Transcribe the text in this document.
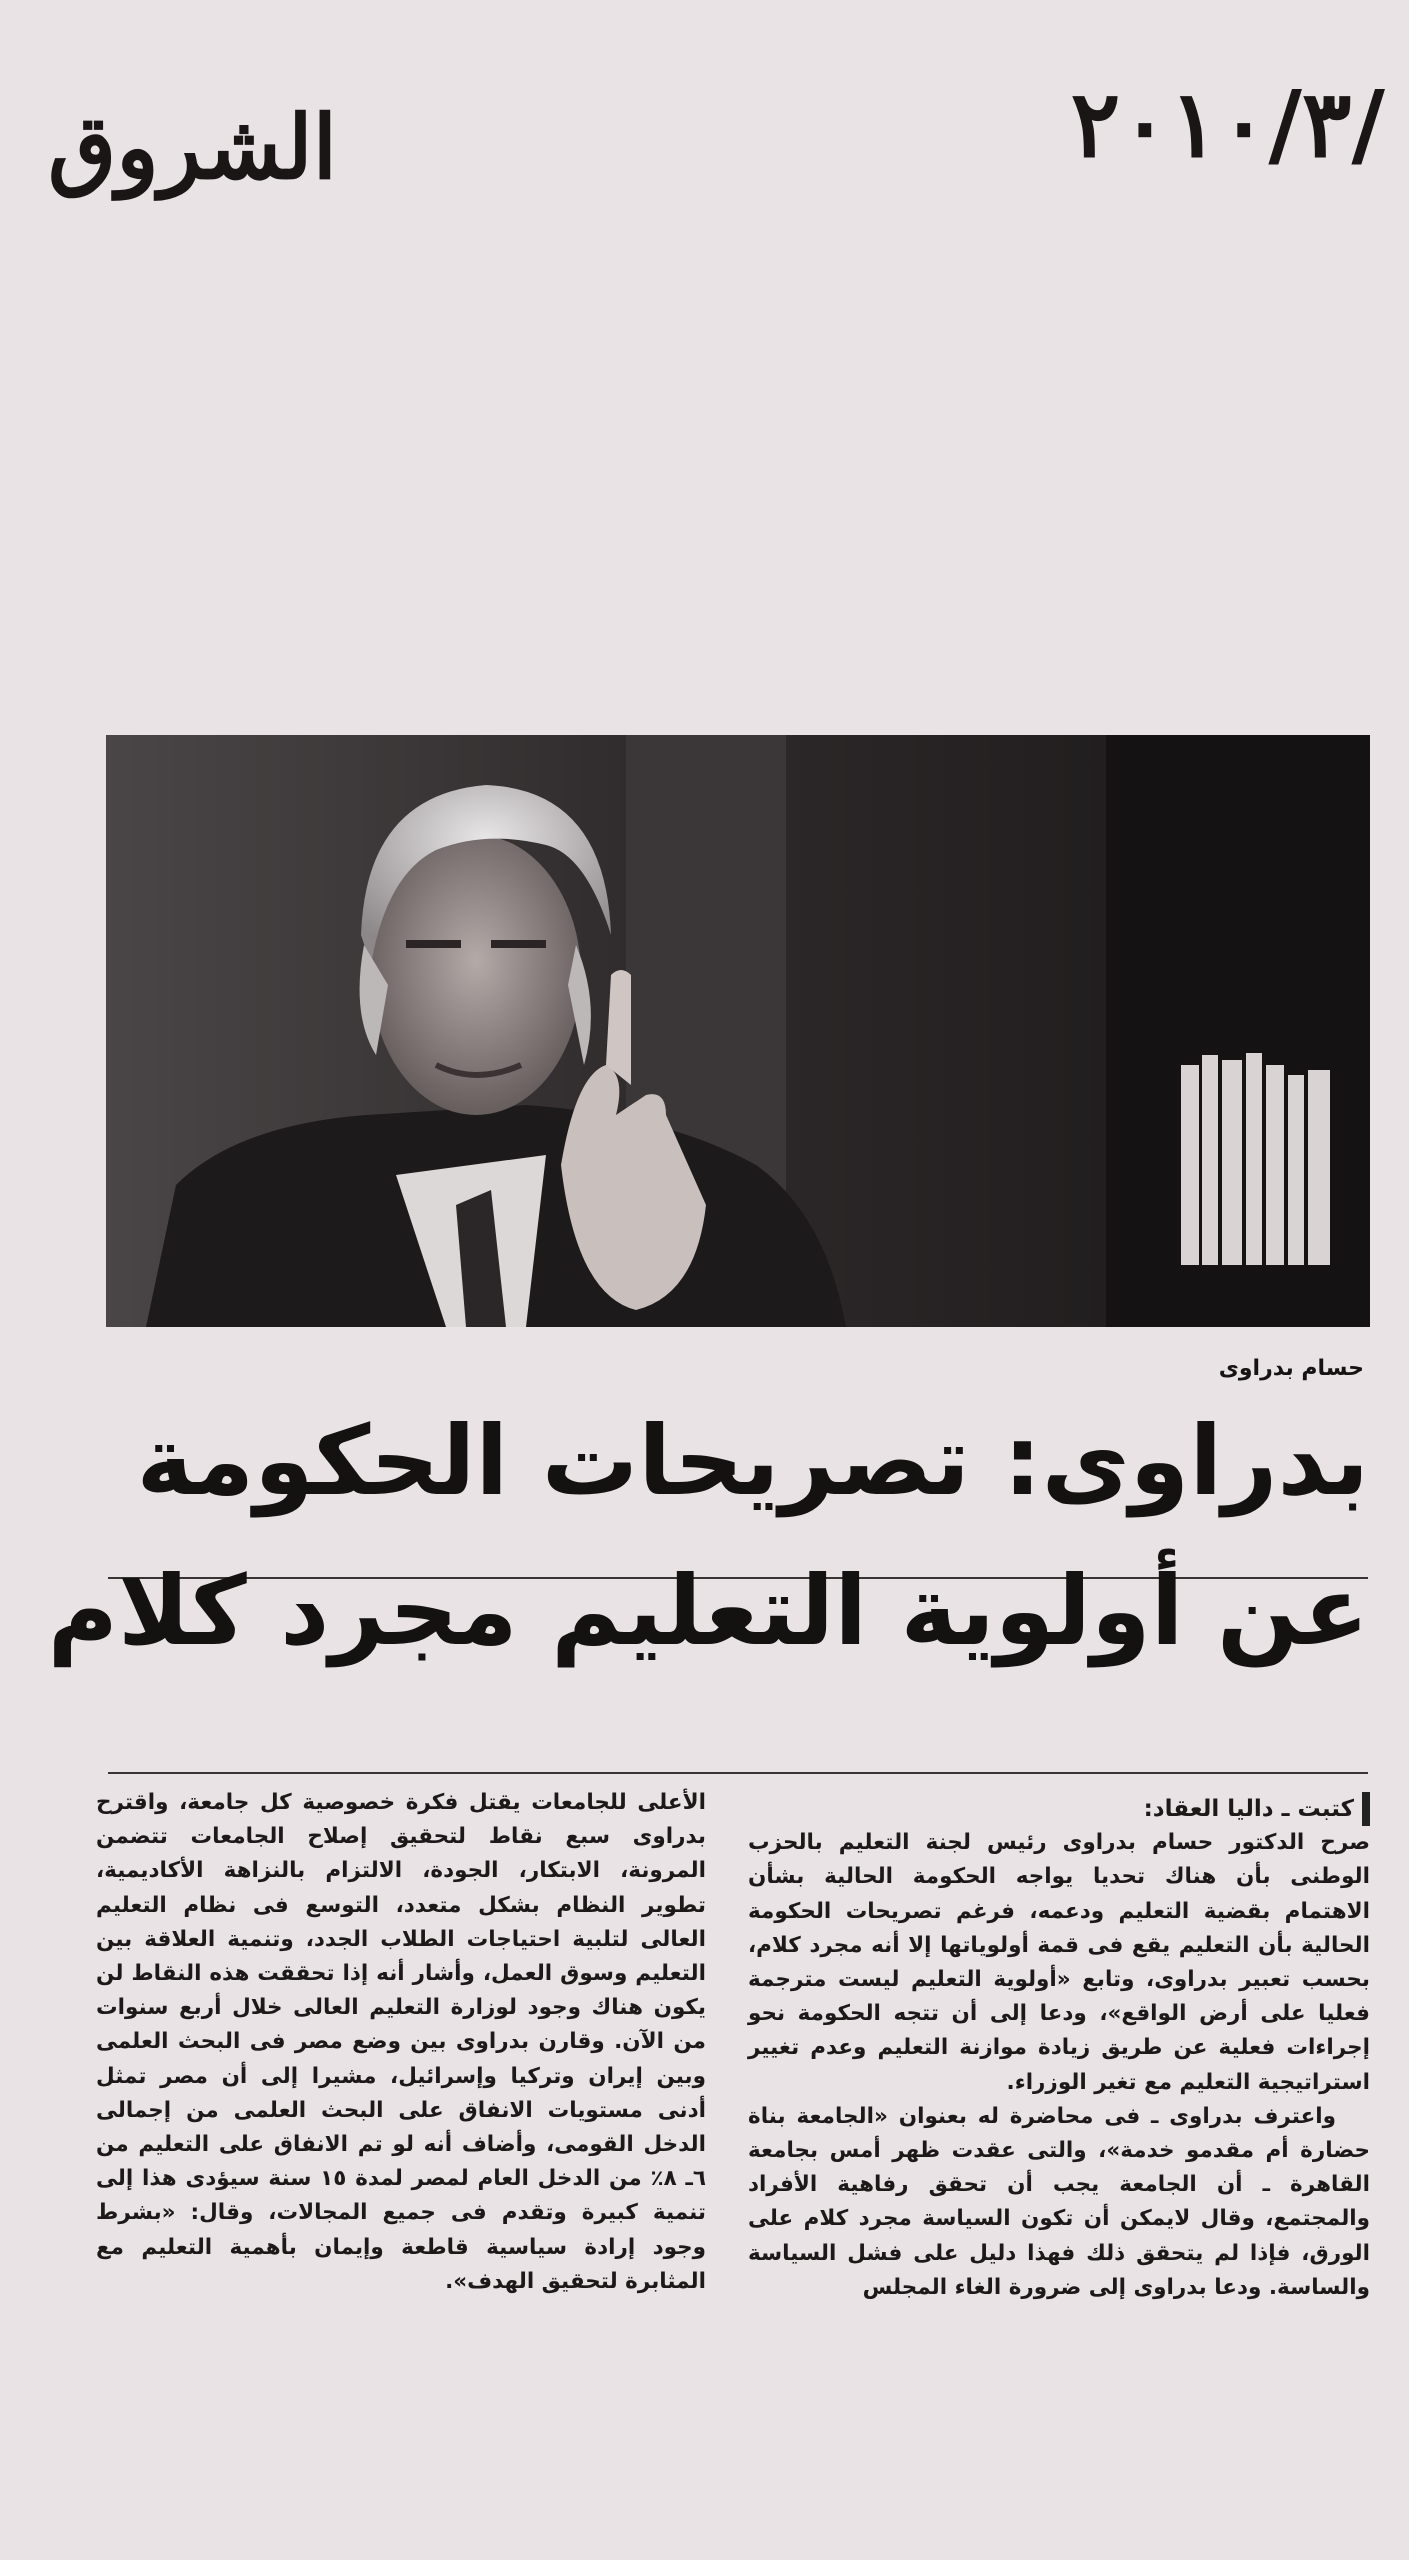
/٢٠١٠/٣
الشروق
حسام بدراوى
بدراوى: تصريحات الحكومة
عن أولوية التعليم مجرد كلام

كتبت ـ داليا العقاد:

صرح الدكتور حسام بدراوى رئيس لجنة التعليم بالحزب الوطنى بأن هناك تحديا يواجه الحكومة الحالية بشأن الاهتمام بقضية التعليم ودعمه، فرغم تصريحات الحكومة الحالية بأن التعليم يقع فى قمة أولوياتها إلا أنه مجرد كلام، بحسب تعبير بدراوى، وتابع «أولوية التعليم ليست مترجمة فعليا على أرض الواقع»، ودعا إلى أن تتجه الحكومة نحو إجراءات فعلية عن طريق زيادة موازنة التعليم وعدم تغيير استراتيجية التعليم مع تغير الوزراء.

واعترف بدراوى ـ فى محاضرة له بعنوان «الجامعة بناة حضارة أم مقدمو خدمة»، والتى عقدت ظهر أمس بجامعة القاهرة ـ أن الجامعة يجب أن تحقق رفاهية الأفراد والمجتمع، وقال لايمكن أن تكون السياسة مجرد كلام على الورق، فإذا لم يتحقق ذلك فهذا دليل على فشل السياسة والساسة. ودعا بدراوى إلى ضرورة الغاء المجلس

الأعلى للجامعات يقتل فكرة خصوصية كل جامعة، واقترح بدراوى سبع نقاط لتحقيق إصلاح الجامعات تتضمن المرونة، الابتكار، الجودة، الالتزام بالنزاهة الأكاديمية، تطوير النظام بشكل متعدد، التوسع فى نظام التعليم العالى لتلبية احتياجات الطلاب الجدد، وتنمية العلاقة بين التعليم وسوق العمل، وأشار أنه إذا تحققت هذه النقاط لن يكون هناك وجود لوزارة التعليم العالى خلال أربع سنوات من الآن. وقارن بدراوى بين وضع مصر فى البحث العلمى وبين إيران وتركيا وإسرائيل، مشيرا إلى أن مصر تمثل أدنى مستويات الانفاق على البحث العلمى من إجمالى الدخل القومى، وأضاف أنه لو تم الانفاق على التعليم من ٦ـ ٨٪ من الدخل العام لمصر لمدة ١٥ سنة سيؤدى هذا إلى تنمية كبيرة وتقدم فى جميع المجالات، وقال: «بشرط وجود إرادة سياسية قاطعة وإيمان بأهمية التعليم مع المثابرة لتحقيق الهدف».
